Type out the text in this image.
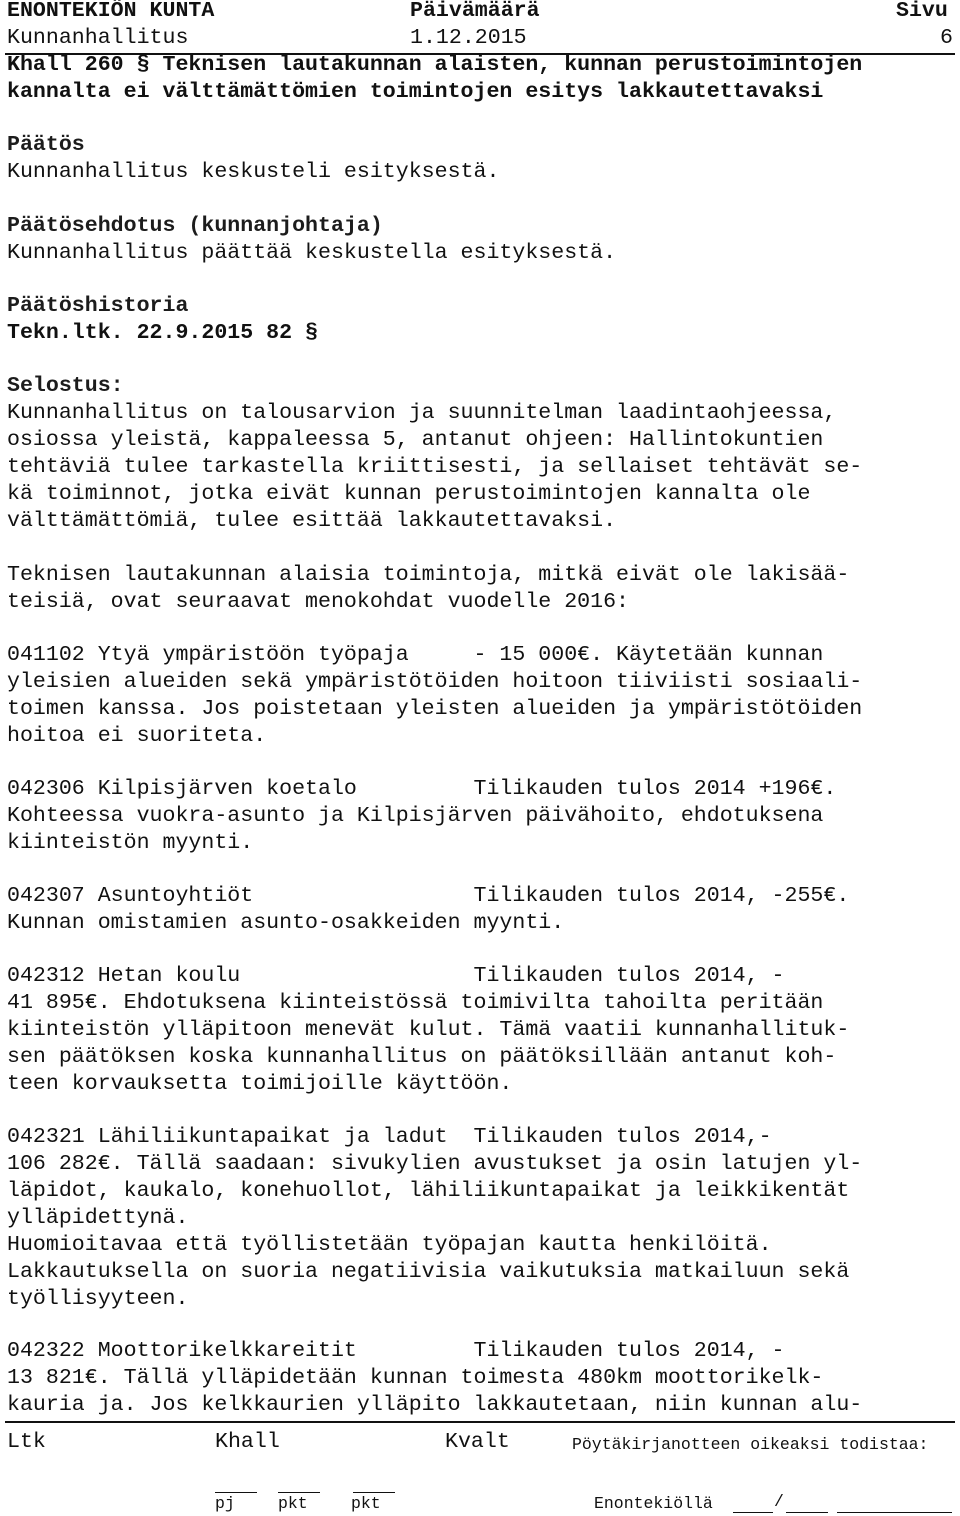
ENONTEKIÖN KUNTA	Päivämäärä	Sivu
Kunnanhallitus	1.12.2015	6
Khall 260 § Teknisen lautakunnan alaisten, kunnan perustoimintojen
kannalta ei välttämättömien toimintojen esitys lakkautettavaksi
Päätös
Kunnanhallitus keskusteli esityksestä.
Päätösehdotus (kunnanjohtaja)
Kunnanhallitus päättää keskustella esityksestä.
Päätöshistoria
Tekn.ltk. 22.9.2015 82 §
Selostus:
Kunnanhallitus on talousarvion ja suunnitelman laadintaohjeessa,
osiossa yleistä, kappaleessa 5, antanut ohjeen: Hallintokuntien
tehtäviä tulee tarkastella kriittisesti, ja sellaiset tehtävät se-
kä toiminnot, jotka eivät kunnan perustoimintojen kannalta ole
välttämättömiä, tulee esittää lakkautettavaksi.
Teknisen lautakunnan alaisia toimintoja, mitkä eivät ole lakisää-
teisiä, ovat seuraavat menokohdat vuodelle 2016:
041102 Ytyä ympäristöön työpaja     - 15 000€. Käytetään kunnan
yleisien alueiden sekä ympäristötöiden hoitoon tiiviisti sosiaali-
toimen kanssa. Jos poistetaan yleisten alueiden ja ympäristötöiden
hoitoa ei suoriteta.
042306 Kilpisjärven koetalo         Tilikauden tulos 2014 +196€.
Kohteessa vuokra-asunto ja Kilpisjärven päivähoito, ehdotuksena
kiinteistön myynti.
042307 Asuntoyhtiöt                 Tilikauden tulos 2014, -255€.
Kunnan omistamien asunto-osakkeiden myynti.
042312 Hetan koulu                  Tilikauden tulos 2014, -
41 895€. Ehdotuksena kiinteistössä toimivilta tahoilta peritään
kiinteistön ylläpitoon menevät kulut. Tämä vaatii kunnanhallituk-
sen päätöksen koska kunnanhallitus on päätöksillään antanut koh-
teen korvauksetta toimijoille käyttöön.
042321 Lähiliikuntapaikat ja ladut  Tilikauden tulos 2014,-
106 282€. Tällä saadaan: sivukylien avustukset ja osin latujen yl-
läpidot, kaukalo, konehuollot, lähiliikuntapaikat ja leikkikentät
ylläpidettynä.
Huomioitavaa että työllistetään työpajan kautta henkilöitä.
Lakkautuksella on suoria negatiivisia vaikutuksia matkailuun sekä
työllisyyteen.
042322 Moottorikelkkareitit         Tilikauden tulos 2014, -
13 821€. Tällä ylläpidetään kunnan toimesta 480km moottorikelk-
kauria ja. Jos kelkkaurien ylläpito lakkautetaan, niin kunnan alu-
Ltk	Khall	Kvalt	Pöytäkirjanotteen oikeaksi todistaa:
pj	pkt	pkt	Enontekiöllä	/
